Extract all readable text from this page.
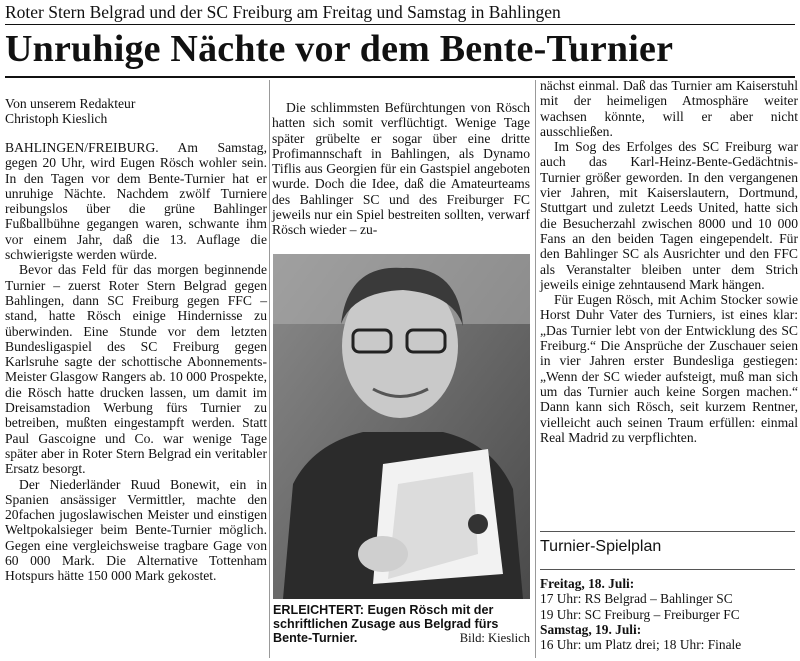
Roter Stern Belgrad und der SC Freiburg am Freitag und Samstag in Bahlingen
Unruhige Nächte vor dem Bente-Turnier
Von unserem Redakteur
Christoph Kieslich

BAHLINGEN/FREIBURG. Am Samstag, gegen 20 Uhr, wird Eugen Rösch wohler sein. In den Tagen vor dem Bente-Turnier hat er unruhige Nächte. Nachdem zwölf Turniere reibungslos über die grüne Bahlinger Fußballbühne gegangen waren, schwante ihm vor einem Jahr, daß die 13. Auflage die schwierigste werden würde.

Bevor das Feld für das morgen beginnende Turnier – zuerst Roter Stern Belgrad gegen Bahlingen, dann SC Freiburg gegen FFC – stand, hatte Rösch einige Hindernisse zu überwinden. Eine Stunde vor dem letzten Bundesligaspiel des SC Freiburg gegen Karlsruhe sagte der schottische Abonnements-Meister Glasgow Rangers ab. 10 000 Prospekte, die Rösch hatte drucken lassen, um damit im Dreisamstadion Werbung fürs Turnier zu betreiben, mußten eingestampft werden. Statt Paul Gascoigne und Co. war wenige Tage später aber in Roter Stern Belgrad ein veritabler Ersatz besorgt.

Der Niederländer Ruud Bonewit, ein in Spanien ansässiger Vermittler, machte den 20fachen jugoslawischen Meister und einstigen Weltpokalsieger beim Bente-Turnier möglich. Gegen eine vergleichsweise tragbare Gage von 60 000 Mark. Die Alternative Tottenham Hotspurs hätte 150 000 Mark gekostet.

Die schlimmsten Befürchtungen von Rösch hatten sich somit verflüchtigt. Wenige Tage später grübelte er sogar über eine dritte Profimannschaft in Bahlingen, als Dynamo Tiflis aus Georgien für ein Gastspiel angeboten wurde. Doch die Idee, daß die Amateurteams des Bahlinger SC und des Freiburger FC jeweils nur ein Spiel bestreiten sollten, verwarf Rösch wieder – zu-

ERLEICHTERT: Eugen Rösch mit der schriftlichen Zusage aus Belgrad fürs Bente-Turnier.	Bild: Kieslich

nächst einmal. Daß das Turnier am Kaiserstuhl mit der heimeligen Atmosphäre weiter wachsen könnte, will er aber nicht ausschließen.

Im Sog des Erfolges des SC Freiburg war auch das Karl-Heinz-Bente-Gedächtnis-Turnier größer geworden. In den vergangenen vier Jahren, mit Kaiserslautern, Dortmund, Stuttgart und zuletzt Leeds United, hatte sich die Besucherzahl zwischen 8000 und 10 000 Fans an den beiden Tagen eingependelt. Für den Bahlinger SC als Ausrichter und den FFC als Veranstalter bleiben unter dem Strich jeweils einige zehntausend Mark hängen.

Für Eugen Rösch, mit Achim Stocker sowie Horst Duhr Vater des Turniers, ist eines klar: „Das Turnier lebt von der Entwicklung des SC Freiburg.“ Die Ansprüche der Zuschauer seien in vier Jahren erster Bundesliga gestiegen: „Wenn der SC wieder aufsteigt, muß man sich um das Turnier auch keine Sorgen machen.“ Dann kann sich Rösch, seit kurzem Rentner, vielleicht auch seinen Traum erfüllen: einmal Real Madrid zu verpflichten.

Turnier-Spielplan
Freitag, 18. Juli:
17 Uhr: RS Belgrad – Bahlinger SC
19 Uhr: SC Freiburg – Freiburger FC
Samstag, 19. Juli:
16 Uhr: um Platz drei; 18 Uhr: Finale
